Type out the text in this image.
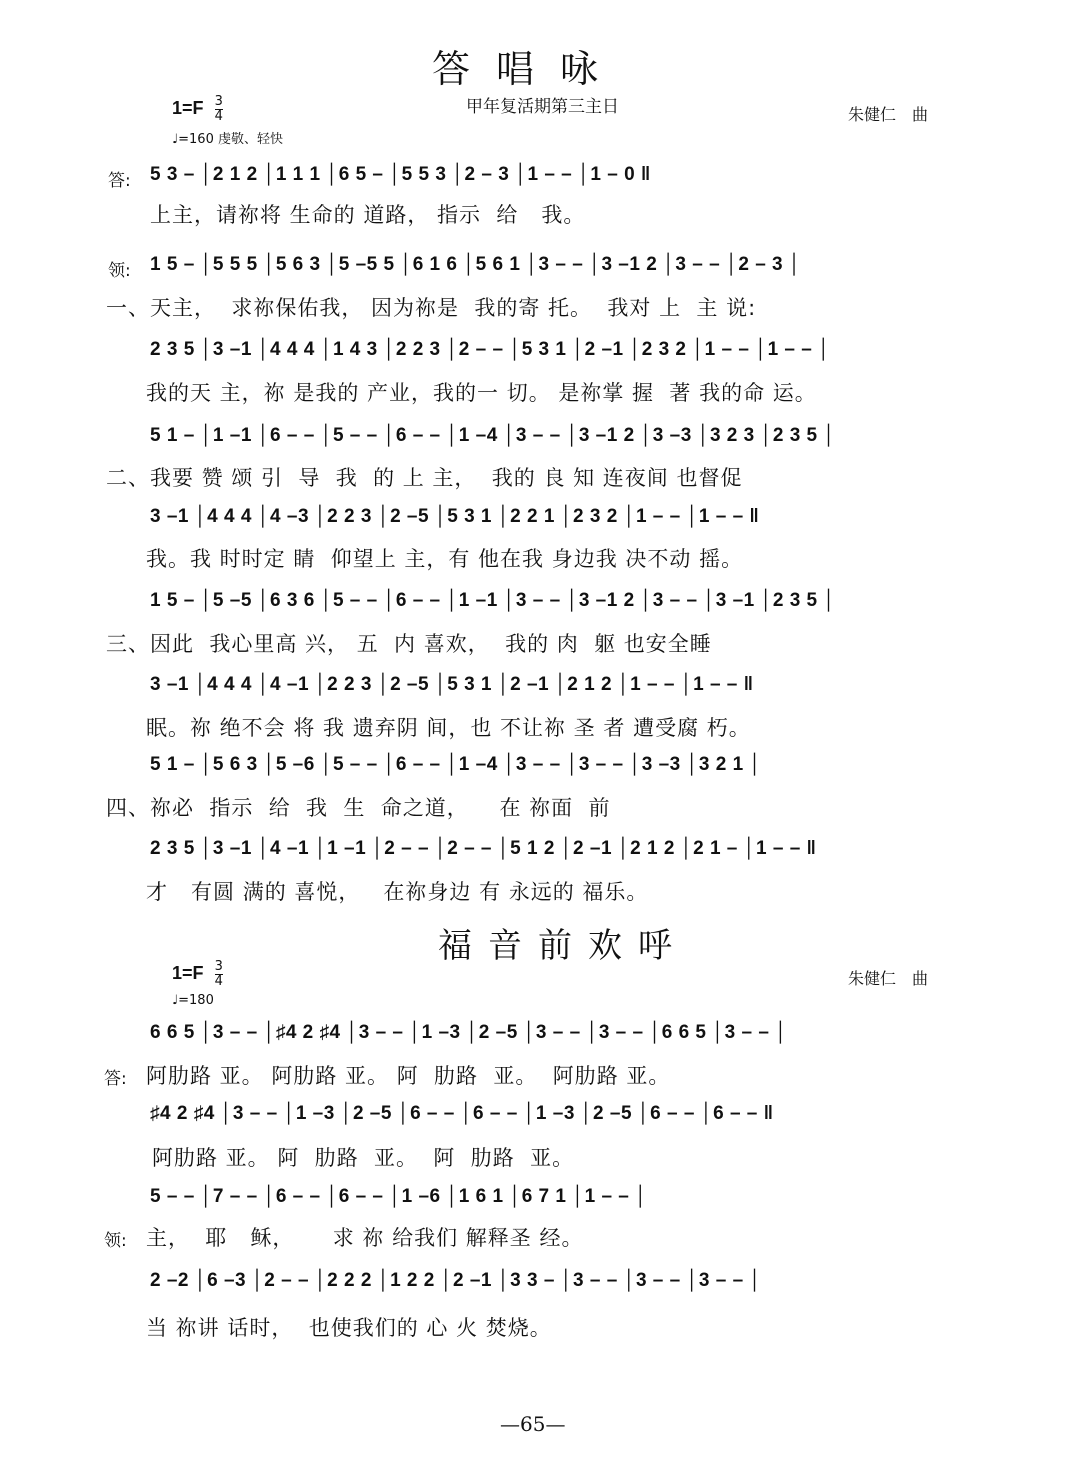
答唱咏
甲年复活期第三主日	朱健仁　曲
$1=F \frac{3}{4}$
♩=160 虔敬、轻快
答: 5 3 – │2 1 2 │1 1 1 │6 5 – │5 5 3 │2 – 3 │1 – – │1 – 0 ‖
上主，请祢将 生命的 道路， 指示  给   我。
领: 1 5 – │5 5 5 │5 6 3 │5 –5 5 │6 1 6 │5 6 1 │3 – – │3 –1 2 │3 – – │2 – 3 │
一、天主，  求祢保佑我， 因为祢是  我的寄 托。  我对 上  主 说:
2 3 5 │3 –1 │4 4 4 │1 4 3 │2 2 3 │2 – – │5 3 1 │2 –1 │2 3 2 │1 – – │1 – – │
我的天 主，祢 是我的 产业，我的一 切。 是祢掌 握  著 我的命 运。
5 1 – │1 –1 │6 – – │5 – – │6 – – │1 –4 │3 – – │3 –1 2 │3 –3 │3 2 3 │2 3 5 │
二、我要 赞 颂 引  导  我  的 上 主，  我的 良 知 连夜间 也督促
3 –1 │4 4 4 │4 –3 │2 2 3 │2 –5 │5 3 1 │2 2 1 │2 3 2 │1 – – │1 – – ‖
我。我 时时定 睛  仰望上 主，有 他在我 身边我 决不动 摇。
1 5 – │5 –5 │6 3 6 │5 – – │6 – – │1 –1 │3 – – │3 –1 2 │3 – – │3 –1 │2 3 5 │
三、因此  我心里高 兴， 五  内 喜欢，  我的 肉  躯 也安全睡
3 –1 │4 4 4 │4 –1 │2 2 3 │2 –5 │5 3 1 │2 –1 │2 1 2 │1 – – │1 – – ‖
眠。祢 绝不会 将 我 遗弃阴 间，也 不让祢 圣 者 遭受腐 朽。
5 1 – │5 6 3 │5 –6 │5 – – │6 – – │1 –4 │3 – – │3 – – │3 –3 │3 2 1 │
四、祢必  指示  给  我  生  命之道，    在 祢面  前
2 3 5 │3 –1 │4 –1 │1 –1 │2 – – │2 – – │5 1 2 │2 –1 │2 1 2 │2 1 – │1 – – ‖
才   有圆 满的 喜悦，   在祢身边 有 永远的 福乐。
福音前欢呼
朱健仁　曲
$1=F \frac{3}{4}$
♩=180
6 6 5 │3 – – │♯4 2 ♯4 │3 – – │1 –3 │2 –5 │3 – – │3 – – │6 6 5 │3 – – │
答: 阿肋路 亚。 阿肋路 亚。 阿  肋路  亚。  阿肋路 亚。
♯4 2 ♯4 │3 – – │1 –3 │2 –5 │6 – – │6 – – │1 –3 │2 –5 │6 – – │6 – – ‖
阿肋路 亚。 阿  肋路  亚。  阿  肋路  亚。
5 – – │7 – – │6 – – │6 – – │1 –6 │1 6 1 │6 7 1 │1 – – │
领: 主，  耶   稣，     求 祢 给我们 解释圣 经。
2 –2 │6 –3 │2 – – │2 2 2 │1 2 2 │2 –1 │3 3 – │3 – – │3 – – │3 – – │
当 祢讲 话时，  也使我们的 心 火 焚烧。
—65—
